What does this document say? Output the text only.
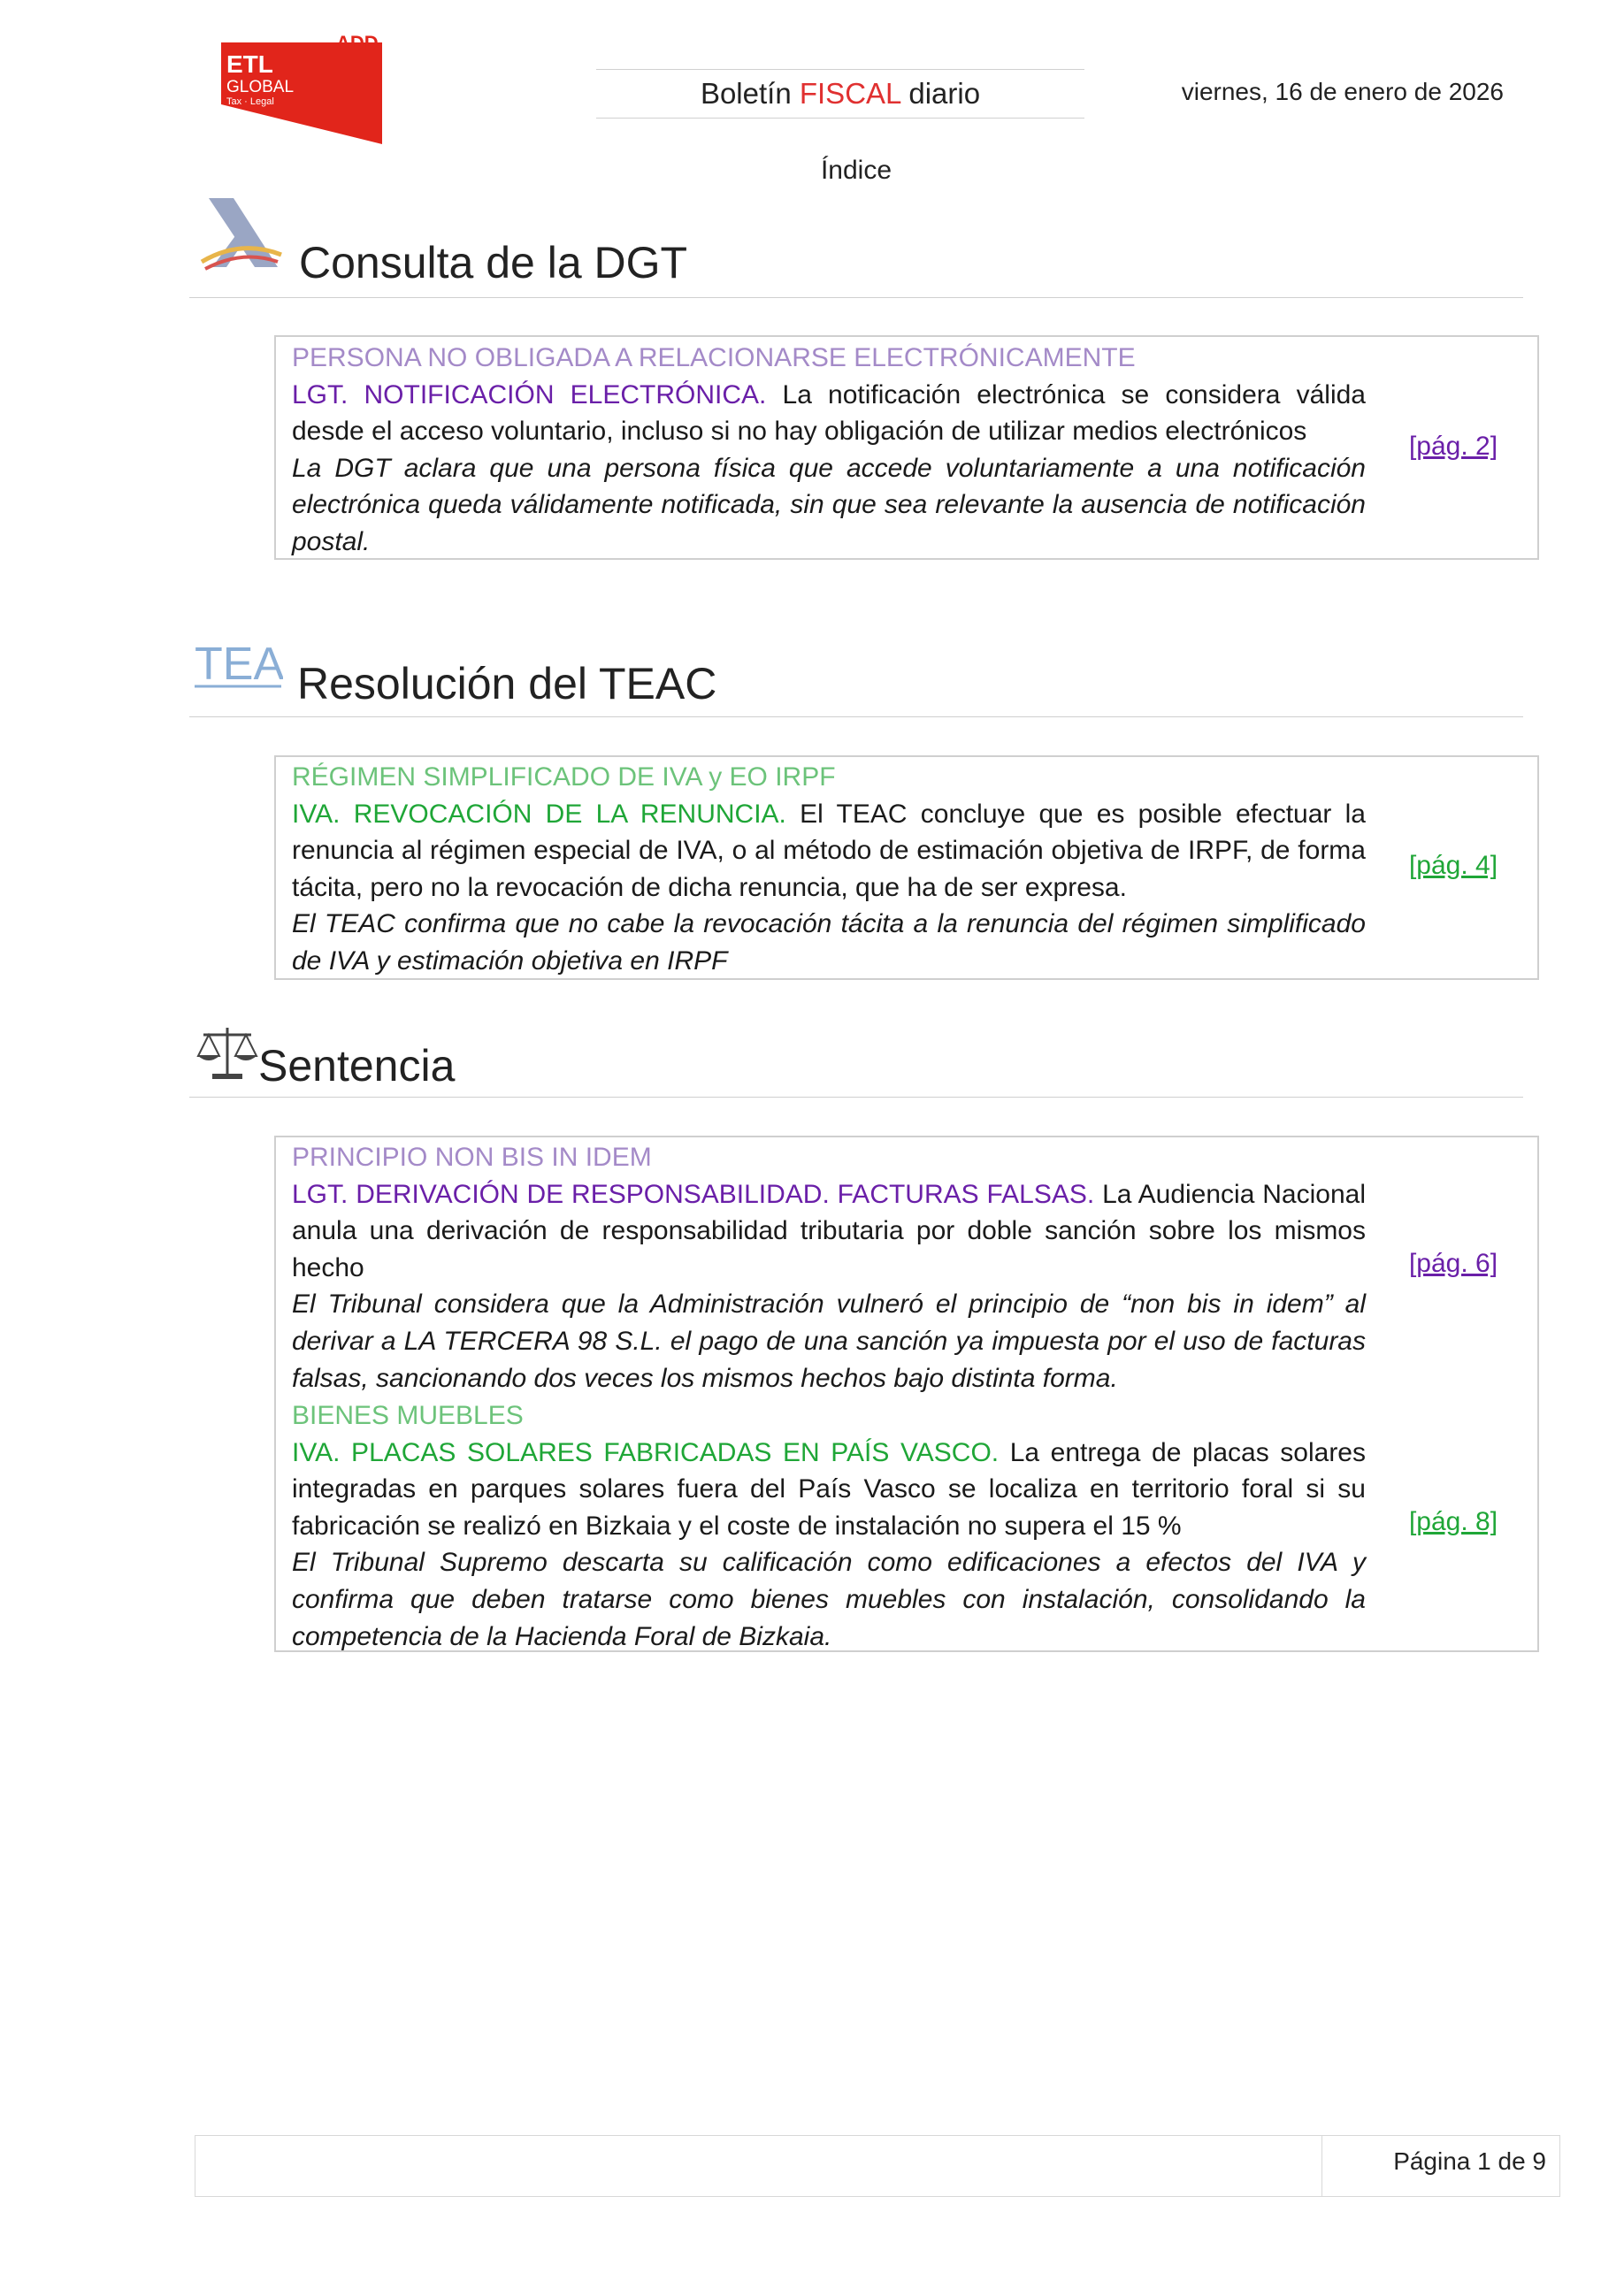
ADD
ETL
GLOBAL
Tax · Legal	Boletín FISCAL diario	viernes, 16 de enero de 2026
Índice
Consulta de la DGT

PERSONA NO OBLIGADA A RELACIONARSE ELECTRÓNICAMENTE

LGT. NOTIFICACIÓN ELECTRÓNICA. La notificación electrónica se considera válida desde el acceso voluntario, incluso si no hay obligación de utilizar medios electrónicos

La DGT aclara que una persona física que accede voluntariamente a una notificación electrónica queda válidamente notificada, sin que sea relevante la ausencia de notificación postal.

[pág. 2]
TEA Resolución del TEAC

RÉGIMEN SIMPLIFICADO DE IVA y EO IRPF

IVA. REVOCACIÓN DE LA RENUNCIA. El TEAC concluye que es posible efectuar la renuncia al régimen especial de IVA, o al método de estimación objetiva de IRPF, de forma tácita, pero no la revocación de dicha renuncia, que ha de ser expresa.

El TEAC confirma que no cabe la revocación tácita a la renuncia del régimen simplificado de IVA y estimación objetiva en IRPF

[pág. 4]
Sentencia

PRINCIPIO NON BIS IN IDEM

LGT. DERIVACIÓN DE RESPONSABILIDAD. FACTURAS FALSAS. La Audiencia Nacional anula una derivación de responsabilidad tributaria por doble sanción sobre los mismos hecho

El Tribunal considera que la Administración vulneró el principio de “non bis in idem” al derivar a LA TERCERA 98 S.L. el pago de una sanción ya impuesta por el uso de facturas falsas, sancionando dos veces los mismos hechos bajo distinta forma.

[pág. 6]

BIENES MUEBLES

IVA. PLACAS SOLARES FABRICADAS EN PAÍS VASCO. La entrega de placas solares integradas en parques solares fuera del País Vasco se localiza en territorio foral si su fabricación se realizó en Bizkaia y el coste de instalación no supera el 15 %

El Tribunal Supremo descarta su calificación como edificaciones a efectos del IVA y confirma que deben tratarse como bienes muebles con instalación, consolidando la competencia de la Hacienda Foral de Bizkaia.

[pág. 8]
Página 1 de 9
